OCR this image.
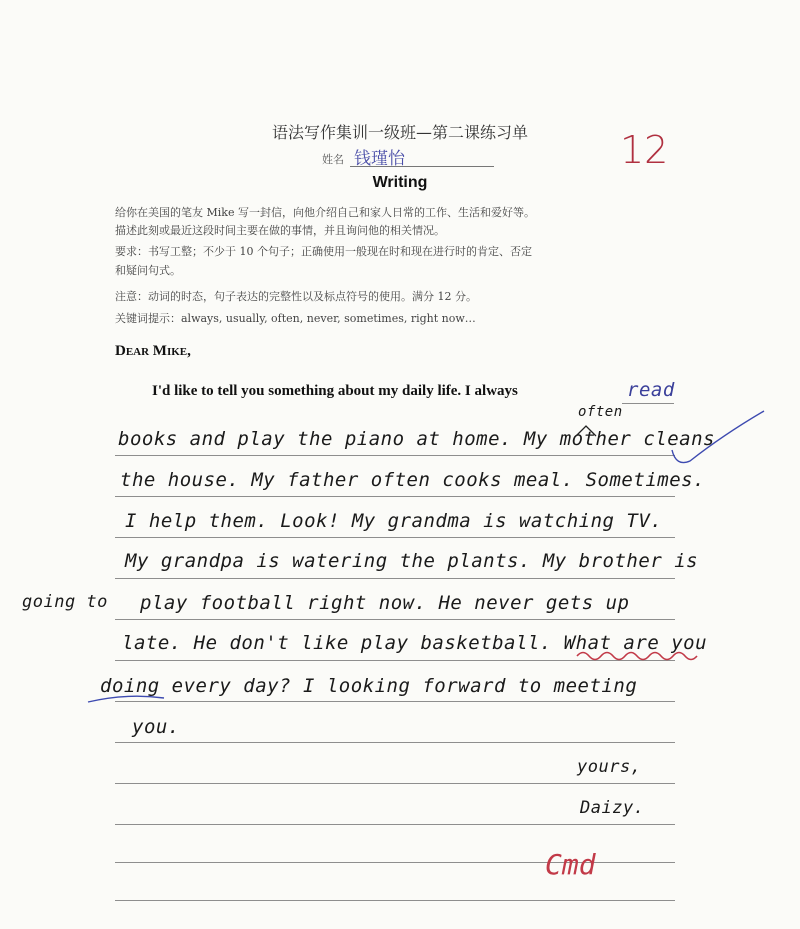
语法写作集训一级班—第二课练习单
姓名 钱瑾怡
Writing
12
给你在美国的笔友 Mike 写一封信，向他介绍自己和家人日常的工作、生活和爱好等。
描述此刻或最近这段时间主要在做的事情，并且询问他的相关情况。
要求：书写工整；不少于 10 个句子；正确使用一般现在时和现在进行时的肯定、否定
和疑问句式。
注意：动词的时态，句子表达的完整性以及标点符号的使用。满分 12 分。
关键词提示：always, usually, often, never, sometimes, right now…
Dear Mike,
I'd like to tell you something about my daily life. I always	read
books and play the piano at home. My mother cleans
the house. My father often cooks meal. Sometimes.
I help them. Look! My grandma is watching TV.
My grandpa is watering the plants. My brother is
play football right now. He never gets up
late. He don't like play basketball. What are you
doing every day? I looking forward to meeting
you.
yours,
Daizy.
often
going to
Cmd
